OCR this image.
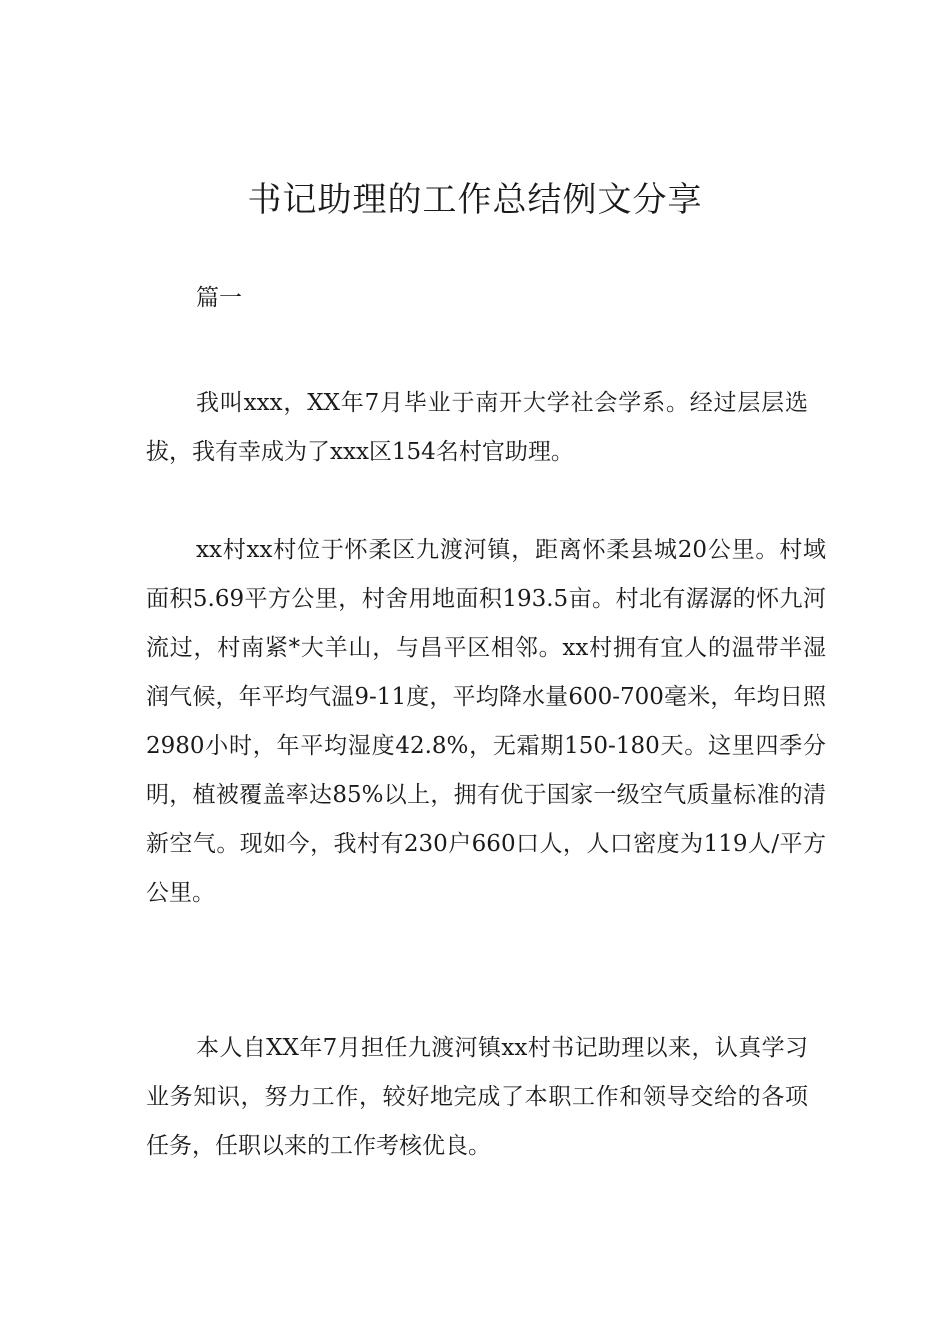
书记助理的工作总结例文分享

篇一

我叫xxx，XX年7月毕业于南开大学社会学系。经过层层选拔，我有幸成为了xxx区154名村官助理。

xx村xx村位于怀柔区九渡河镇，距离怀柔县城20公里。村域面积5.69平方公里，村舍用地面积193.5亩。村北有潺潺的怀九河流过，村南紧*大羊山，与昌平区相邻。xx村拥有宜人的温带半湿润气候，年平均气温9-11度，平均降水量600-700毫米，年均日照2980小时，年平均湿度42.8%，无霜期150-180天。这里四季分明，植被覆盖率达85%以上，拥有优于国家一级空气质量标准的清新空气。现如今，我村有230户660口人，人口密度为119人/平方公里。

本人自XX年7月担任九渡河镇xx村书记助理以来，认真学习业务知识，努力工作，较好地完成了本职工作和领导交给的各项任务，任职以来的工作考核优良。
